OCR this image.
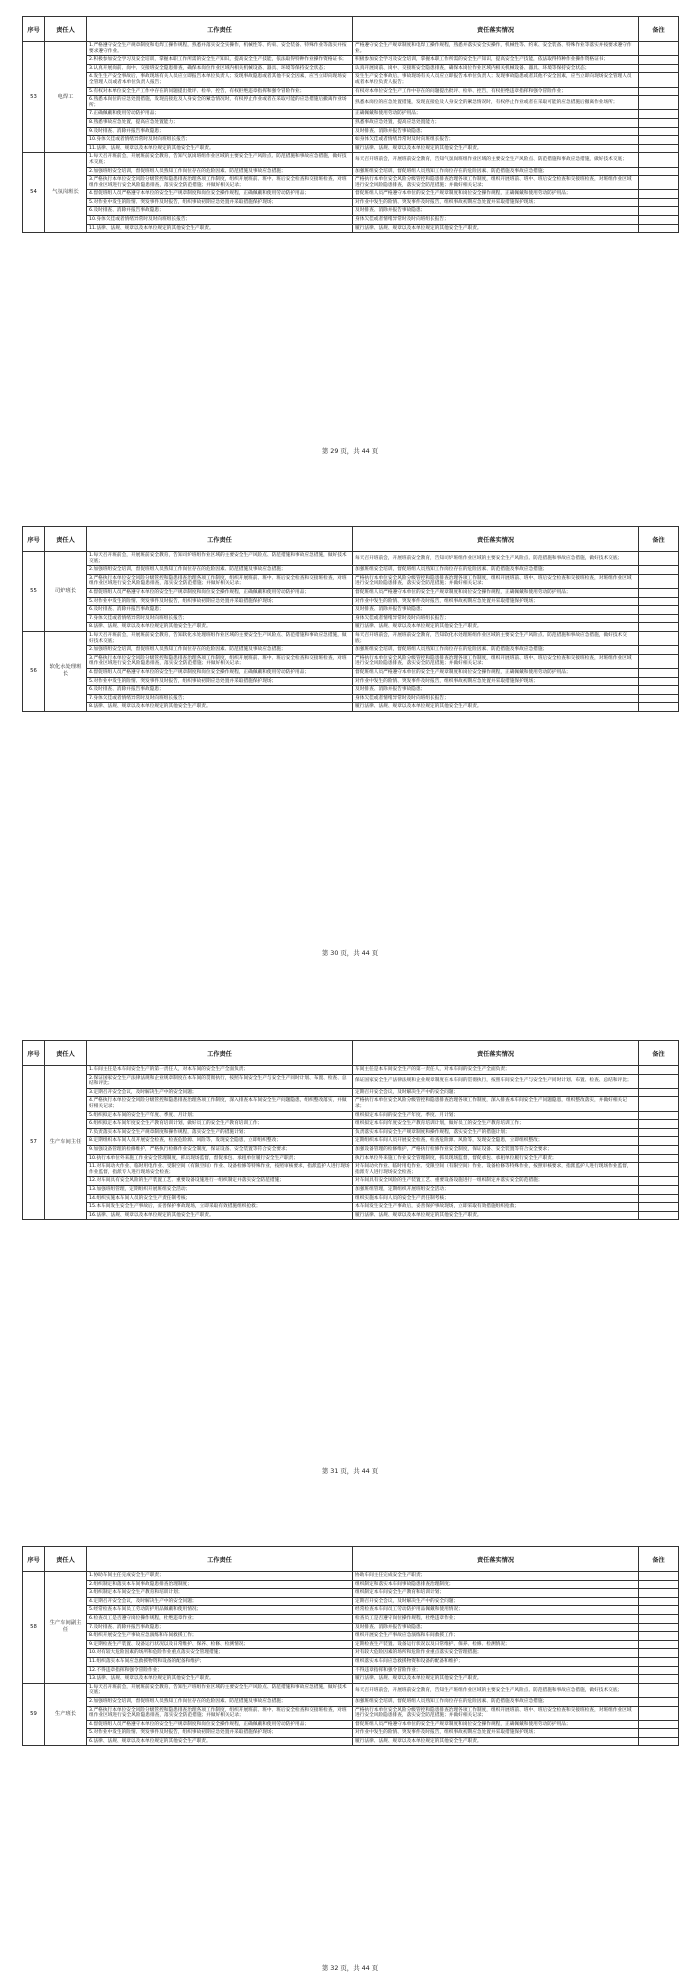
序号	责任人	工作责任	责任落实情况	备注
53	电焊工	1.严格遵守安全生产规章制度和电焊工操作规程，熟悉并落实安全实操作，机械性等、约束、安全装备、特殊作业等落实并按要求遵守作业。	严格遵守安全生产规章制度和电焊工操作规程，熟悉并落实安全实操作，机械性等、约束、安全装备、特殊作业等落实并按要求遵守作业。	
		2.积极参加安全学习及安全培训，掌握本职工作所需的安全生产知识，提高安全生产技能，依法取得特种作业操作资格证书；	积极参加安全学习及安全培训，掌握本职工作所需的安全生产知识，提高安全生产技能，依法取得特种作业操作资格证书；	
		3.认真开展岗前、岗中、交接班安全隐患排查，确保本岗位作业区域内相关机械设备、器具、环境等保持安全状态；	认真开展岗前、岗中、交接班安全隐患排查，确保本岗位作业区域内相关机械设备、器具、环境等保持安全状态；	
		4.发生生产安全事故后，事故现场有关人员应立即报告本单位负责人；发现事故隐患或者其他不安全因素，应当立即向现场安全管理人员或者本单位负责人报告；	发生生产安全事故后，事故现场有关人员应立即报告本单位负责人；发现事故隐患或者其他不安全因素，应当立即向现场安全管理人员或者本单位负责人报告；	
		5.有权对本单位安全生产工作中存在的问题提出批评、检举、控告，有权拒绝违章指挥和强令冒险作业；	有权对本单位安全生产工作中存在的问题提出批评、检举、控告，有权拒绝违章指挥和强令冒险作业；	
		6.熟悉本岗位的应急处置措施，发现直接危及人身安全的紧急情况时，有权停止作业或者在采取可能的应急措施后撤离作业场所；	熟悉本岗位的应急处置措施，发现直接危及人身安全的紧急情况时，有权停止作业或者在采取可能的应急措施后撤离作业场所；	
		7.正确佩戴和使用劳动防护用品；	正确佩戴和使用劳动防护用品；	
		8.熟悉事故应急处置，提高应急处置能力；	熟悉事故应急处置，提高应急处置能力；	
		9.及时排查、消除并报告事故隐患；	及时排查、消除并报告事故隐患；	
		10.身体欠佳或者情绪异常时及时向班组长报告；	如身体欠佳或者情绪异常时及时向班组长报告；	
		11.法律、法规、规章以及本单位规定的其他安全生产职责。	履行法律、法规、规章以及本单位规定的其他安全生产职责。	
54	气氛岗班长	1.每天召开班前会，开展班前安全教育，告知气氛岗班组作业区域的主要安全生产风险点、防范措施和事故应急措施，做好技术交底；	每天召开班前会，开展班前安全教育，告知气氛岗班组作业区域的主要安全生产风险点、防范措施和事故应急措施，做好技术交底；	
		2.加强班组安全培训，督促班组人员熟知工作岗位存在的危险因素、防范措施及事故应急措施；	加强班组安全培训，督促班组人员熟知工作岗位存在的危险因素、防范措施及事故应急措施；	
		3.严格执行本单位安全风险分级管控和隐患排查治理各项工作制度，组织开展班前、班中、班后安全检查和交接班检查，对班组作业区域进行安全风险隐患排查，落实安全防范措施；并做好相关记录；	严格执行本单位安全风险分级管控和隐患排查治理各项工作制度，组织开展班前、班中、班后安全检查和交接班检查，对班组作业区域进行安全风险隐患排查，落实安全防范措施；并做好相关记录；	
		4.督促班组人员严格遵守本单位的安全生产规章制度和岗位安全操作规程，正确佩戴和使用劳动防护用品；	督促班组人员严格遵守本单位的安全生产规章制度和岗位安全操作规程，正确佩戴和使用劳动防护用品；	
		5.对作业中发生的险情、突发事件及时报告，组织事故初期应急处置并采取措施保护现场；	对作业中发生的险情、突发事件及时报告，组织事故初期应急处置并采取措施保护现场；	
		6.及时排查、消除并报告事故隐患；	及时排查、消除并报告事故隐患；	
		10.身体欠佳或者情绪异常时及时向班组长报告；	身体欠佳或者情绪异常时及时向班组长报告；	
		11.法律、法规、规章以及本单位规定的其他安全生产职责。	履行法律、法规、规章以及本单位规定的其他安全生产职责。	
第 29 页，共 44 页
序号	责任人	工作责任	责任落实情况	备注
55	司炉班长	1.每天召开班前会，开展班前安全教育，告知司炉班组作业区域的主要安全生产风险点、防范措施和事故应急措施，做好技术交底；	每天召开班前会，开展班前安全教育，告知司炉班组作业区域的主要安全生产风险点、防范措施和事故应急措施，做好技术交底；	
		2.加强班组安全培训，督促班组人员熟知工作岗位存在的危险因素、防范措施及事故应急措施；	加强班组安全培训，督促班组人员熟知工作岗位存在的危险因素、防范措施及事故应急措施；	
		3.严格执行本单位安全风险分级管控和隐患排查治理各项工作制度，组织开展班前、班中、班后安全检查和交接班检查，对班组作业区域进行安全风险隐患排查，落实安全防范措施；并做好相关记录；	严格执行本单位安全风险分级管控和隐患排查治理各项工作制度，组织开展班前、班中、班后安全检查和交接班检查，对班组作业区域进行安全风险隐患排查，落实安全防范措施；并做好相关记录；	
		4.督促班组人员严格遵守本单位的安全生产规章制度和岗位安全操作规程，正确佩戴和使用劳动防护用品；	督促班组人员严格遵守本单位的安全生产规章制度和岗位安全操作规程，正确佩戴和使用劳动防护用品；	
		5.对作业中发生的险情、突发事件及时报告，组织事故初期应急处置并采取措施保护现场；	对作业中发生的险情、突发事件及时报告，组织事故初期应急处置并采取措施保护现场；	
		6.及时排查、消除并报告事故隐患；	及时排查、消除并报告事故隐患；	
		7.身体欠佳或者情绪异常时及时向班组长报告；	身体欠佳或者情绪异常时及时向班组长报告；	
		8.法律、法规、规章以及本单位规定的其他安全生产职责。	履行法律、法规、规章以及本单位规定的其他安全生产职责。	
56	软化水处理班长	1.每天召开班前会，开展班前安全教育，告知软化水处理班组作业区域的主要安全生产风险点、防范措施和事故应急措施，做好技术交底；	每天召开班前会，开展班前安全教育，告知软化水处理班组作业区域的主要安全生产风险点、防范措施和事故应急措施，做好技术交底；	
		2.加强班组安全培训，督促班组人员熟知工作岗位存在的危险因素、防范措施及事故应急措施；	加强班组安全培训，督促班组人员熟知工作岗位存在的危险因素、防范措施及事故应急措施；	
		3.严格执行本单位安全风险分级管控和隐患排查治理各项工作制度，组织开展班前、班中、班后安全检查和交接班检查，对班组作业区域进行安全风险隐患排查，落实安全防范措施；并做好相关记录；	严格执行本单位安全风险分级管控和隐患排查治理各项工作制度，组织开展班前、班中、班后安全检查和交接班检查，对班组作业区域进行安全风险隐患排查，落实安全防范措施；并做好相关记录；	
		4.督促班组人员严格遵守本单位的安全生产规章制度和岗位安全操作规程，正确佩戴和使用劳动防护用品；	督促班组人员严格遵守本单位的安全生产规章制度和岗位安全操作规程，正确佩戴和使用劳动防护用品；	
		5.对作业中发生的险情、突发事件及时报告，组织事故初期应急处置并采取措施保护现场；	对作业中发生的险情、突发事件及时报告，组织事故初期应急处置并采取措施保护现场；	
		6.及时排查、消除并报告事故隐患；	及时排查、消除并报告事故隐患；	
		7.身体欠佳或者情绪异常时及时向班组长报告；	身体欠佳或者情绪异常时及时向班组长报告；	
		8.法律、法规、规章以及本单位规定的其他安全生产职责。	履行法律、法规、规章以及本单位规定的其他安全生产职责。	
第 30 页，共 44 页
序号	责任人	工作责任	责任落实情况	备注
57	生产车间主任	1.车间主任是本车间安全生产的第一责任人，对本车间的安全生产全面负责；	车间主任是本车间安全生产的第一责任人，对本车间的安全生产全面负责；	
		2.保证国家安全生产法律法规和企业规章制度在本车间的贯彻执行，按照车间安全生产与安全生产同时计划、布置、检查、总结和评比；	保证国家安全生产法律法规和企业规章制度在本车间的贯彻执行，按照车间安全生产与安全生产同时计划、布置、检查、总结和评比；	
		3.定期召开安全会议，及时解决生产中的安全问题；	定期召开安全会议，及时解决生产中的安全问题；	
		4.严格执行本单位安全风险分级管控和隐患排查治理各项工作制度，深入排查本车间安全生产问题隐患，组织整改落实，并做好相关记录；	严格执行本单位安全风险分级管控和隐患排查治理各项工作制度，深入排查本车间安全生产问题隐患，组织整改落实，并做好相关记录；	
		5.组织拟定本车间的安全生产年度、季度、月计划；	组织拟定本车间的安全生产年度、季度、月计划；	
		6.组织拟定本车间年度安全生产教育培训计划，做好员工的安全生产教育培训工作；	组织拟定本车间年度安全生产教育培训计划，做好员工的安全生产教育培训工作；	
		7.负责落实本车间安全生产规章制度和操作规程，落实安全生产的措施计划；	负责落实本车间安全生产规章制度和操作规程，落实安全生产的措施计划；	
		8.定期组织本车间人员开展安全检查，检查危险源、风险等，发现安全隐患，立即组织整改；	定期组织本车间人员开展安全检查，检查危险源、风险等，发现安全隐患，立即组织整改；	
		9.加强设备管理的检修维护，严格执行检修作业安全制度，保证设备、安全装置等符合安全要求；	加强设备管理的检修维护，严格执行检修作业安全制度，保证设备、安全装置等符合安全要求；	
		10.执行本单位外来施工作业安全管理制度，抓员现场监督，督促承包、承租单位履行安全生产职责；	执行本单位外来施工作业安全管理制度，抓员现场监督，督促承包、承租单位履行安全生产职责；	
		11.对车间动火作业、临时用电作业、受限空间（有限空间）作业、设备检修等特殊作业，按照审核要求，指派监护人进行现场作业监督，指派专人进行现场安全检查；	对车间动火作业、临时用电作业、受限空间（有限空间）作业、设备检修等特殊作业，按照审核要求，指派监护人进行现场作业监督，指派专人进行现场安全检查；	
		12.对车间具有安全风险的生产装置工艺、重要设备设施进行一组织制定并落实安全防范措施；	对车间具有安全风险的生产装置工艺、重要设备设施进行一组织制定并落实安全防范措施；	
		13.加强班组管理，定期组织开展班组安全活动；	加强班组管理，定期组织开展班组安全活动；	
		14.组织实施本车间人员的安全生产责任制考核；	组织实施本车间人员的安全生产责任制考核；	
		15.本车间发生安全生产事故后，妥善保护事故现场，立即采取有效措施组织抢救；	本车间发生安全生产事故后，妥善保护事故现场，立即采取有效措施组织抢救；	
		16.法律、法规、规章以及本单位规定的其他安全生产职责。	履行法律、法规、规章以及本单位规定的其他安全生产职责。	
第 31 页，共 44 页
序号	责任人	工作责任	责任落实情况	备注
58	生产车间副主任	1.协助车间主任完成安全生产职责；	协助车间主任完成安全生产职责；	
		2.组织制定和落实本车间事故隐患排查治理制度；	组织制定和落实本车间事故隐患排查治理制度；	
		3.组织制定本车间安全生产教育和培训计划；	组织制定本车间安全生产教育和培训计划；	
		4.定期召开安全会议，及时解决生产中的安全问题；	定期召开安全会议，及时解决生产中的安全问题；	
		5.经常检查本车间员工劳动防护用品佩戴和使用情况；	经常检查本车间员工劳动防护用品佩戴和使用情况；	
		6.检查员工是否遵守岗位操作规程，杜绝违章作业；	检查员工是否遵守岗位操作规程，杜绝违章作业；	
		7.及时排查、消除并报告事故隐患；	及时排查、消除并报告事故隐患；	
		8.组织开展安全生产事故应急演练和车间救援工作；	组织开展安全生产事故应急演练和车间救援工作；	
		9.定期检查生产装置、设备运行状况以及日常维护、保养、检修、检测情况；	定期检查生产装置、设备运行状况以及日常维护、保养、检修、检测情况；	
		10.对有较大危险因素的场所和危险作业重点落实安全管理措施；	对有较大危险因素的场所和危险作业重点落实安全管理措施；	
		11.组织落实本车间应急救援物资和设备的配备和维护；	组织落实本车间应急救援物资和设备的配备和维护；	
		12.不得违章指挥和强令冒险作业；	不得违章指挥和强令冒险作业；	
		13.法律、法规、规章以及本单位规定的其他安全生产职责。	履行法律、法规、规章以及本单位规定的其他安全生产职责。	
59	生产班长	1.每天召开班前会，开展班前安全教育，告知生产班组作业区域的主要安全生产风险点、防范措施和事故应急措施，做好技术交底；	每天召开班前会，开展班前安全教育，告知生产班组作业区域的主要安全生产风险点、防范措施和事故应急措施，做好技术交底；	
		2.加强班组安全培训，督促班组人员熟知工作岗位存在的危险因素、防范措施及事故应急措施；	加强班组安全培训，督促班组人员熟知工作岗位存在的危险因素、防范措施及事故应急措施；	
		3.严格执行本单位安全风险分级管控和隐患排查治理各项工作制度，组织开展班前、班中、班后安全检查和交接班检查，对班组作业区域进行安全风险隐患排查，落实安全防范措施；并做好相关记录；	严格执行本单位安全风险分级管控和隐患排查治理各项工作制度，组织开展班前、班中、班后安全检查和交接班检查，对班组作业区域进行安全风险隐患排查，落实安全防范措施；并做好相关记录；	
		4.督促班组人员严格遵守本单位的安全生产规章制度和岗位安全操作规程，正确佩戴和使用劳动防护用品；	督促班组人员严格遵守本单位的安全生产规章制度和岗位安全操作规程，正确佩戴和使用劳动防护用品；	
		5.对作业中发生的险情、突发事件及时报告，组织事故初期应急处置并采取措施保护现场；	对作业中发生的险情、突发事件及时报告，组织事故初期应急处置并采取措施保护现场；	
		6.法律、法规、规章以及本单位规定的其他安全生产职责。	履行法律、法规、规章以及本单位规定的其他安全生产职责。	
第 32 页，共 44 页
